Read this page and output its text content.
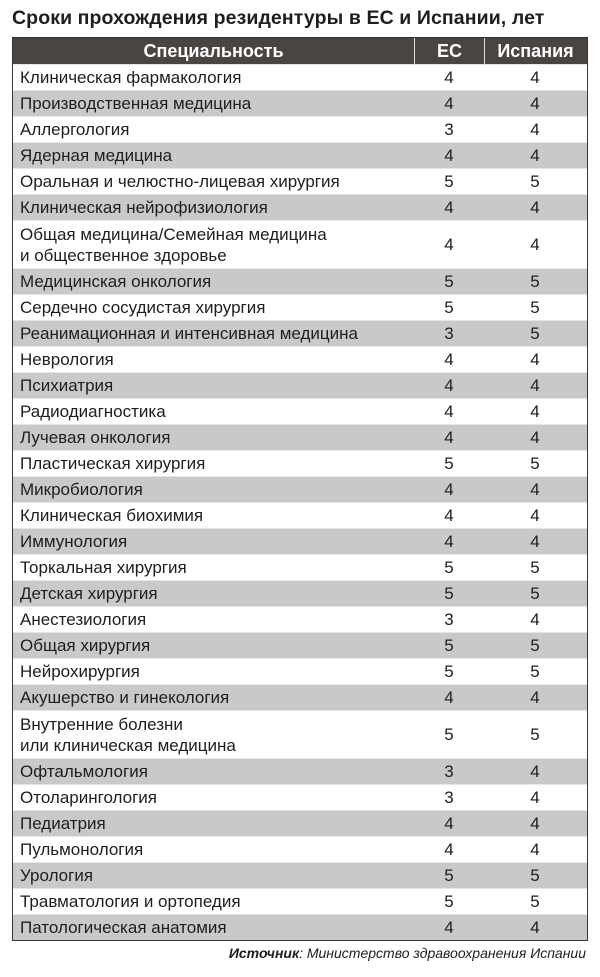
Сроки прохождения резидентуры в ЕС и Испании, лет
Специальность	ЕС	Испания
Клиническая фармакология	4	4
Производственная медицина	4	4
Аллергология	3	4
Ядерная медицина	4	4
Оральная и челюстно-лицевая хирургия	5	5
Клиническая нейрофизиология	4	4
Общая медицина/Семейная медицина
и общественное здоровье
4	4
Медицинская онкология	5	5
Сердечно сосудистая хирургия	5	5
Реанимационная и интенсивная медицина	3	5
Неврология	4	4
Психиатрия	4	4
Радиодиагностика	4	4
Лучевая онкология	4	4
Пластическая хирургия	5	5
Микробиология	4	4
Клиническая биохимия	4	4
Иммунология	4	4
Торкальная хирургия	5	5
Детская хирургия	5	5
Анестезиология	3	4
Общая хирургия	5	5
Нейрохирургия	5	5
Акушерство и гинекология	4	4
Внутренние болезни
или клиническая медицина
5	5
Офтальмология	3	4
Отоларингология	3	4
Педиатрия	4	4
Пульмонология	4	4
Урология	5	5
Травматология и ортопедия	5	5
Патологическая анатомия	4	4
Источник: Министерство здравоохранения Испании
